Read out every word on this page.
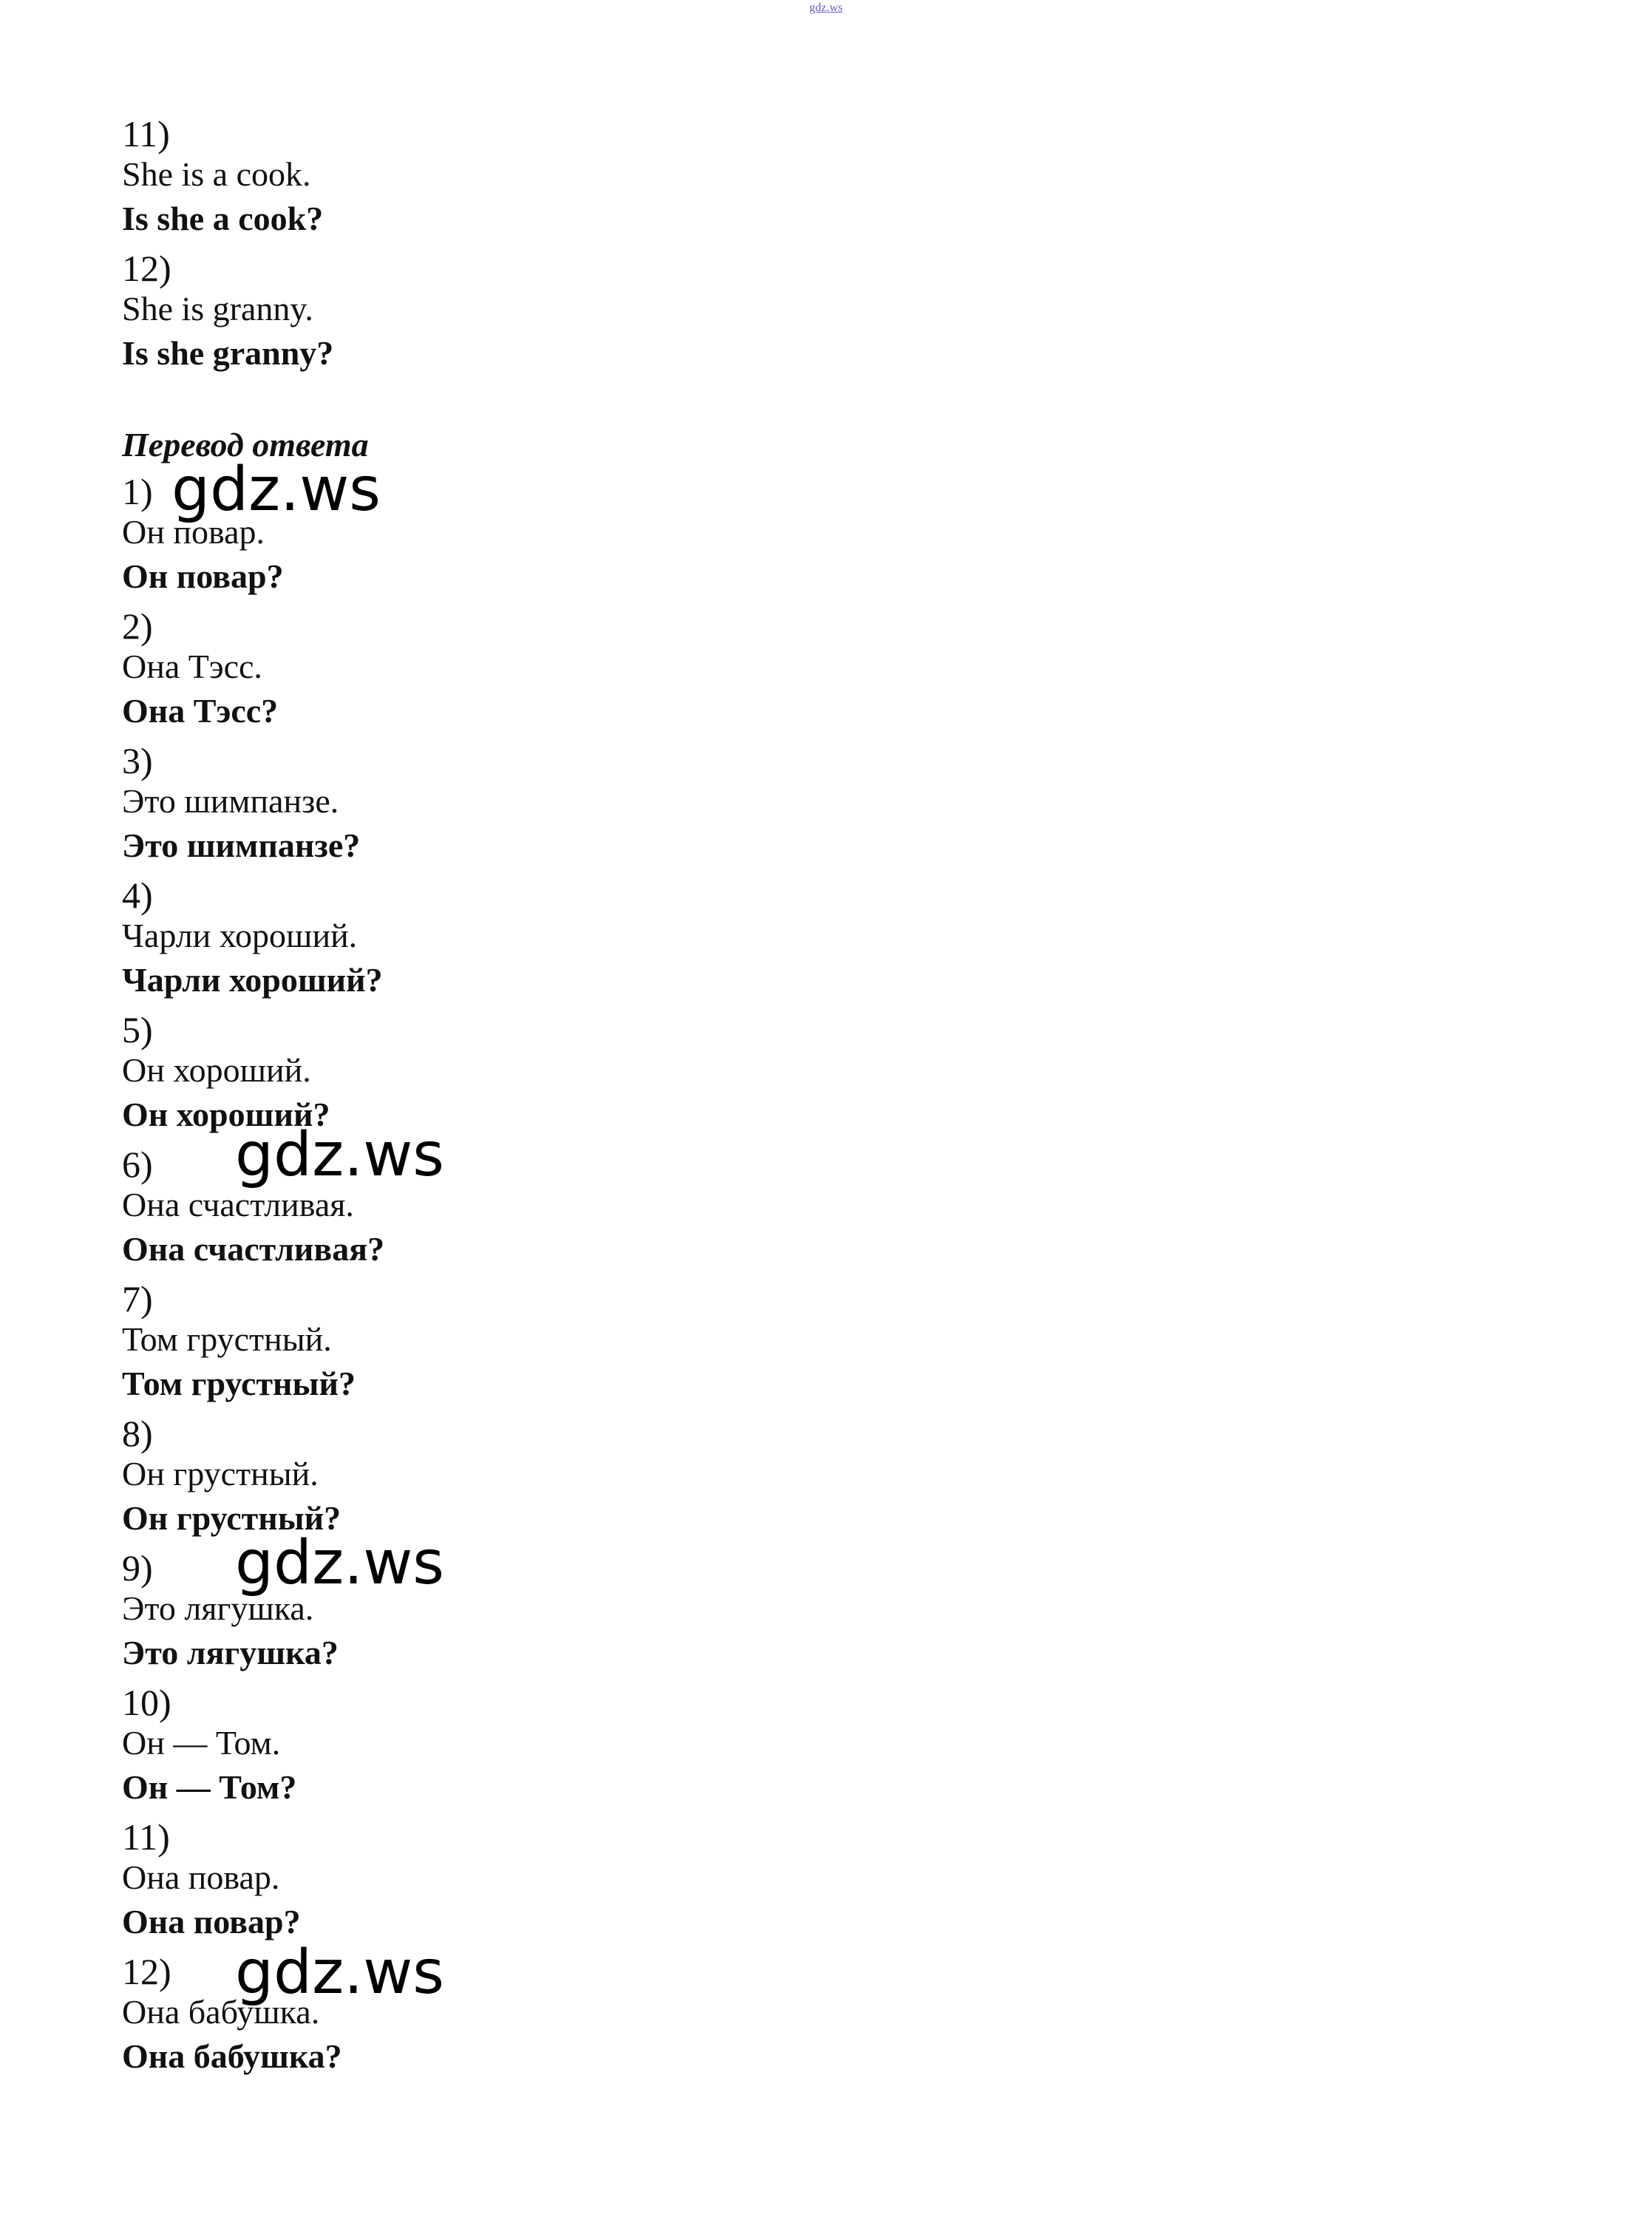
gdz.ws

11)

She is a cook.

Is she a cook?

12)

She is granny.

Is she granny?

Перевод ответа

1)

Он повар.

Он повар?

2)

Она Тэсс.

Она Тэсс?

3)

Это шимпанзе.

Это шимпанзе?

4)

Чарли хороший.

Чарли хороший?

5)

Он хороший.

Он хороший?

6)

Она счастливая.

Она счастливая?

7)

Том грустный.

Том грустный?

8)

Он грустный.

Он грустный?

9)

Это лягушка.

Это лягушка?

10)

Он — Том.

Он — Том?

11)

Она повар.

Она повар?

12)

Она бабушка.

Она бабушка?

gdz.ws
gdz.ws
gdz.ws
gdz.ws
